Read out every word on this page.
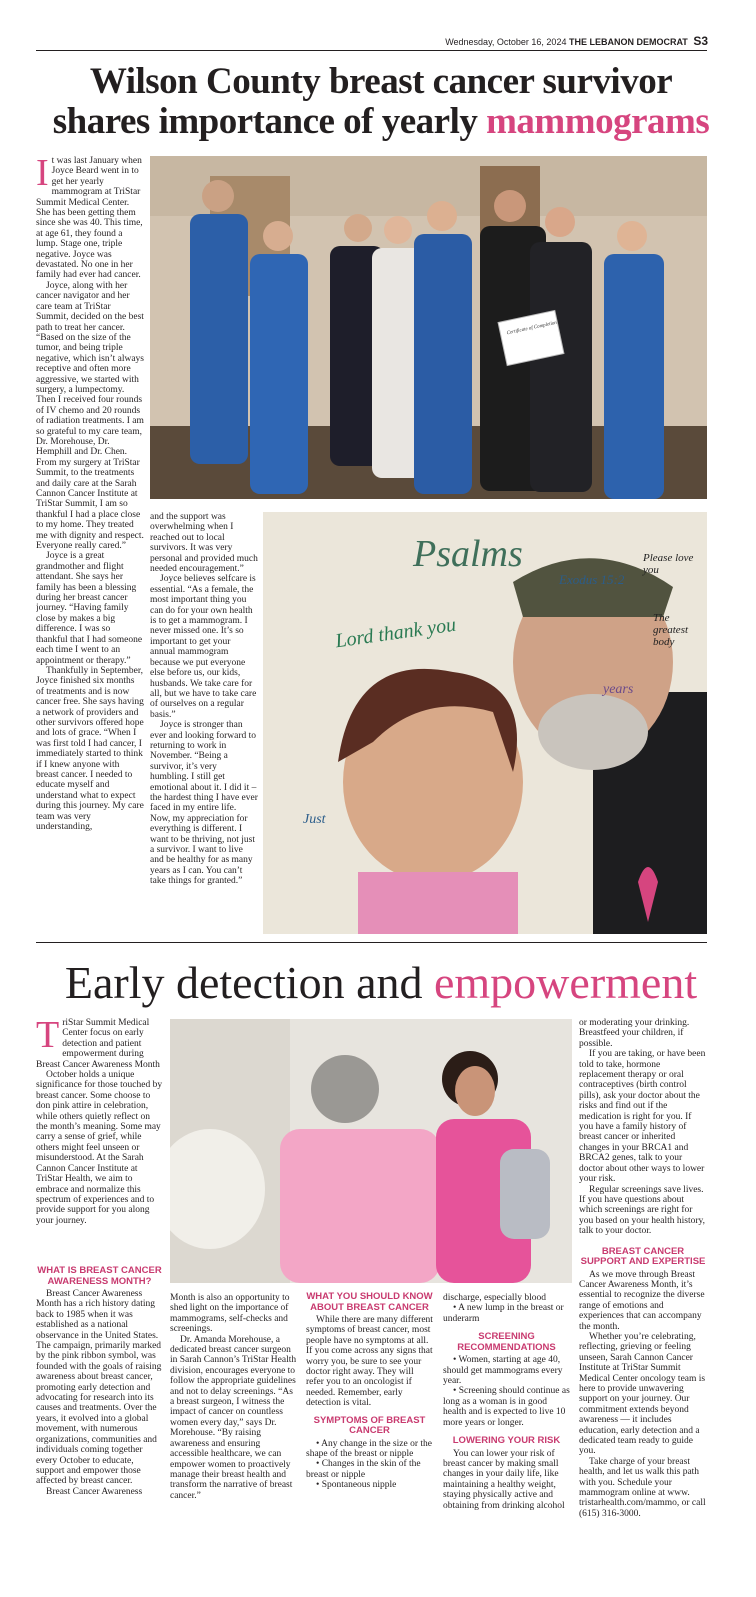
Wednesday, October 16, 2024 THE LEBANON DEMOCRAT S3
Wilson County breast cancer survivor
shares importance of yearly mammograms

It was last January when Joyce Beard went in to get her yearly mammogram at TriStar Summit Medical Center. She has been getting them since she was 40. This time, at age 61, they found a lump. Stage one, triple negative. Joyce was devastated. No one in her family had ever had cancer.

Joyce, along with her cancer navigator and her care team at TriStar Summit, decided on the best path to treat her cancer. “Based on the size of the tumor, and being triple negative, which isn’t always receptive and often more aggressive, we started with surgery, a lumpectomy. Then I received four rounds of IV chemo and 20 rounds of radiation treatments. I am so grateful to my care team, Dr. Morehouse, Dr. Hemphill and Dr. Chen. From my surgery at TriStar Summit, to the treatments and daily care at the Sarah Cannon Cancer Institute at TriStar Summit, I am so thankful I had a place close to my home. They treated me with dignity and respect. Everyone really cared.”

Joyce is a great grandmother and flight attendant. She says her family has been a blessing during her breast cancer journey. “Having family close by makes a big difference. I was so thankful that I had someone each time I went to an appointment or therapy.”

Thankfully in September, Joyce finished six months of treatments and is now cancer free. She says having a network of providers and other survivors offered hope and lots of grace. “When I was first told I had cancer, I immediately started to think if I knew anyone with breast cancer. I needed to educate myself and understand what to expect during this journey. My care team was very understanding,

Certificate of Completion

and the support was overwhelming when I reached out to local survivors. It was very personal and provided much needed encouragement.”

Joyce believes selfcare is essential. “As a female, the most important thing you can do for your own health is to get a mammogram. I never missed one. It’s so important to get your annual mammogram because we put everyone else before us, our kids, husbands. We take care for all, but we have to take care of ourselves on a regular basis.”

Joyce is stronger than ever and looking forward to returning to work in November. “Being a survivor, it’s very humbling. I still get emotional about it. I did it – the hardest thing I have ever faced in my entire life. Now, my appreciation for everything is different. I want to be thriving, not just a survivor. I want to live and be healthy for as many years as I can. You can’t take things for granted.”

Psalms
Lord thank you
Exodus 15:2
Please love you
The greatest body
years
Just
Early detection and empowerment

TriStar Summit Medical Center focus on early detection and patient empowerment during Breast Cancer Awareness Month

October holds a unique significance for those touched by breast cancer. Some choose to don pink attire in celebration, while others quietly reflect on the month’s meaning. Some may carry a sense of grief, while others might feel unseen or misunderstood. At the Sarah Cannon Cancer Institute at TriStar Health, we aim to embrace and normalize this spectrum of experiences and to provide support for you along your journey.

WHAT IS BREAST CANCER AWARENESS MONTH?

Breast Cancer Awareness Month has a rich history dating back to 1985 when it was established as a national observance in the United States. The campaign, primarily marked by the pink ribbon symbol, was founded with the goals of raising awareness about breast cancer, promoting early detection and advocating for research into its causes and treatments. Over the years, it evolved into a global movement, with numerous organizations, communities and individuals coming together every October to educate, support and empower those affected by breast cancer.

Breast Cancer Awareness

Month is also an opportunity to shed light on the importance of mammograms, self-checks and screenings.

Dr. Amanda Morehouse, a dedicated breast cancer surgeon in Sarah Cannon’s TriStar Health division, encourages everyone to follow the appropriate guidelines and not to delay screenings. “As a breast surgeon, I witness the impact of cancer on countless women every day,” says Dr. Morehouse. “By raising awareness and ensuring accessible healthcare, we can empower women to proactively manage their breast health and transform the narrative of breast cancer.”

WHAT YOU SHOULD KNOW ABOUT BREAST CANCER

While there are many different symptoms of breast cancer, most people have no symptoms at all. If you come across any signs that worry you, be sure to see your doctor right away. They will refer you to an oncologist if needed. Remember, early detection is vital.

SYMPTOMS OF BREAST CANCER

• Any change in the size or the shape of the breast or nipple

• Changes in the skin of the breast or nipple

• Spontaneous nipple

discharge, especially blood

• A new lump in the breast or underarm

SCREENING RECOMMENDATIONS

• Women, starting at age 40, should get mammograms every year.

• Screening should continue as long as a woman is in good health and is expected to live 10 more years or longer.

LOWERING YOUR RISK

You can lower your risk of breast cancer by making small changes in your daily life, like maintaining a healthy weight, staying physically active and obtaining from drinking alcohol

or moderating your drinking. Breastfeed your children, if possible.

If you are taking, or have been told to take, hormone replacement therapy or oral contraceptives (birth control pills), ask your doctor about the risks and find out if the medication is right for you. If you have a family history of breast cancer or inherited changes in your BRCA1 and BRCA2 genes, talk to your doctor about other ways to lower your risk.

Regular screenings save lives. If you have questions about which screenings are right for you based on your health history, talk to your doctor.

BREAST CANCER SUPPORT AND EXPERTISE

As we move through Breast Cancer Awareness Month, it’s essential to recognize the diverse range of emotions and experiences that can accompany the month.

Whether you’re celebrating, reflecting, grieving or feeling unseen, Sarah Cannon Cancer Institute at TriStar Summit Medical Center oncology team is here to provide unwavering support on your journey. Our commitment extends beyond awareness — it includes education, early detection and a dedicated team ready to guide you.

Take charge of your breast health, and let us walk this path with you. Schedule your mammogram online at www. tristarhealth.com/mammo, or call (615) 316-3000.
